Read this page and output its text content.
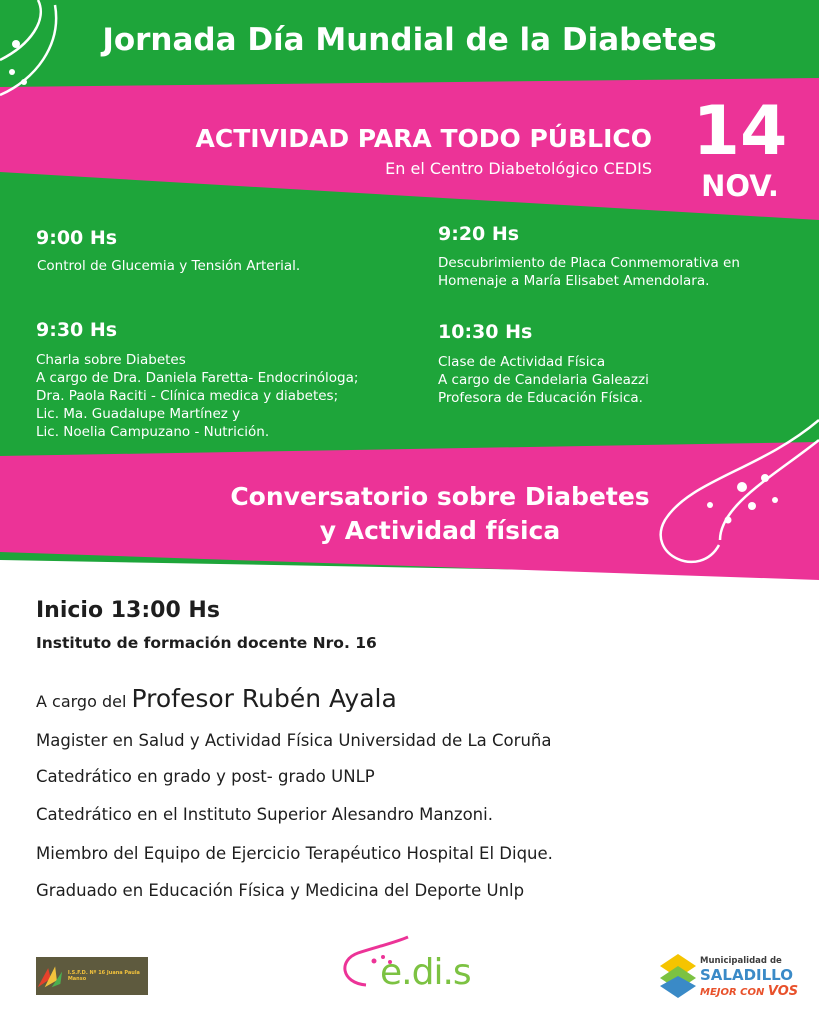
Jornada Día Mundial de la Diabetes
ACTIVIDAD PARA TODO PÚBLICO
En el Centro Diabetológico CEDIS 14
NOV.
9:00 Hs
Control de Glucemia y Tensión Arterial.
9:20 Hs
Descubrimiento de Placa Conmemorativa en
Homenaje a María Elisabet Amendolara.
9:30 Hs
Charla sobre Diabetes
A cargo de Dra. Daniela Faretta- Endocrinóloga;
Dra. Paola Raciti - Clínica medica y diabetes;
Lic. Ma. Guadalupe Martínez y
Lic. Noelia Campuzano - Nutrición.
10:30 Hs
Clase de Actividad Física
A cargo de Candelaria Galeazzi
Profesora de Educación Física.
Conversatorio sobre Diabetes
y Actividad física
Inicio 13:00 Hs
Instituto de formación docente Nro. 16
A cargo del Profesor Rubén Ayala
Magister en Salud y Actividad Física Universidad de La Coruña
Catedrático en grado y post- grado UNLP
Catedrático en el Instituto Superior Alesandro Manzoni.
Miembro del Equipo de Ejercicio Terapéutico Hospital El Dique.
Graduado en Educación Física y Medicina del Deporte Unlp
I.S.F.D. Nº 16 Juana Paula Manso	e.di.s	Municipalidad de
SALADILLO
MEJOR CON VOS
